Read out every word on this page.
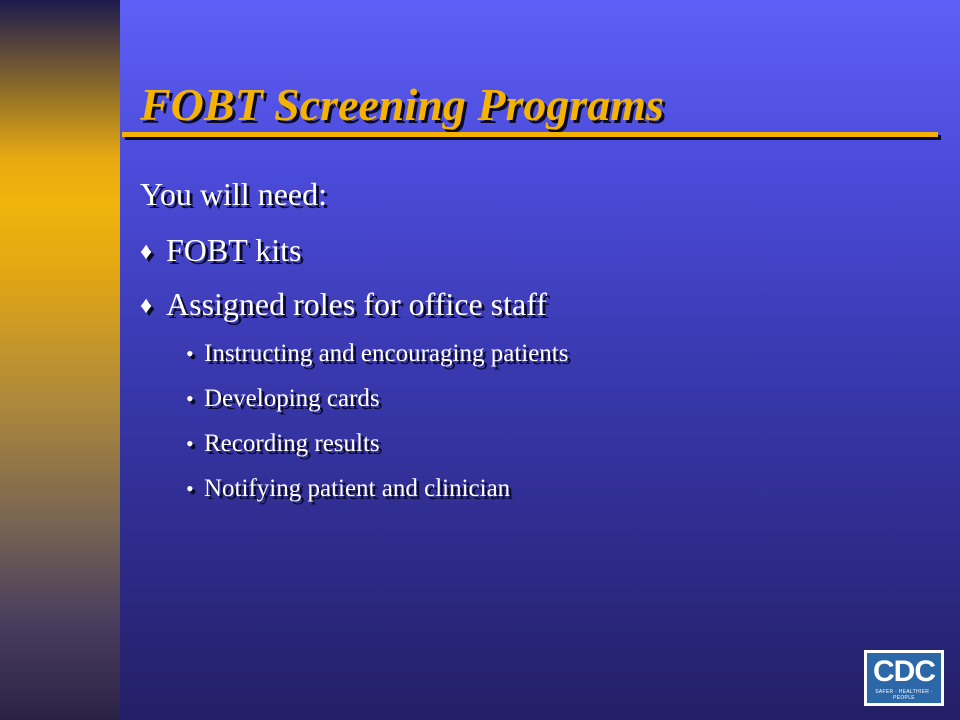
FOBT Screening Programs
You will need:
♦ FOBT kits
♦ Assigned roles for office staff
• Instructing and encouraging patients
• Developing cards
• Recording results
• Notifying patient and clinician
CDC
SAFER · HEALTHIER · PEOPLE
